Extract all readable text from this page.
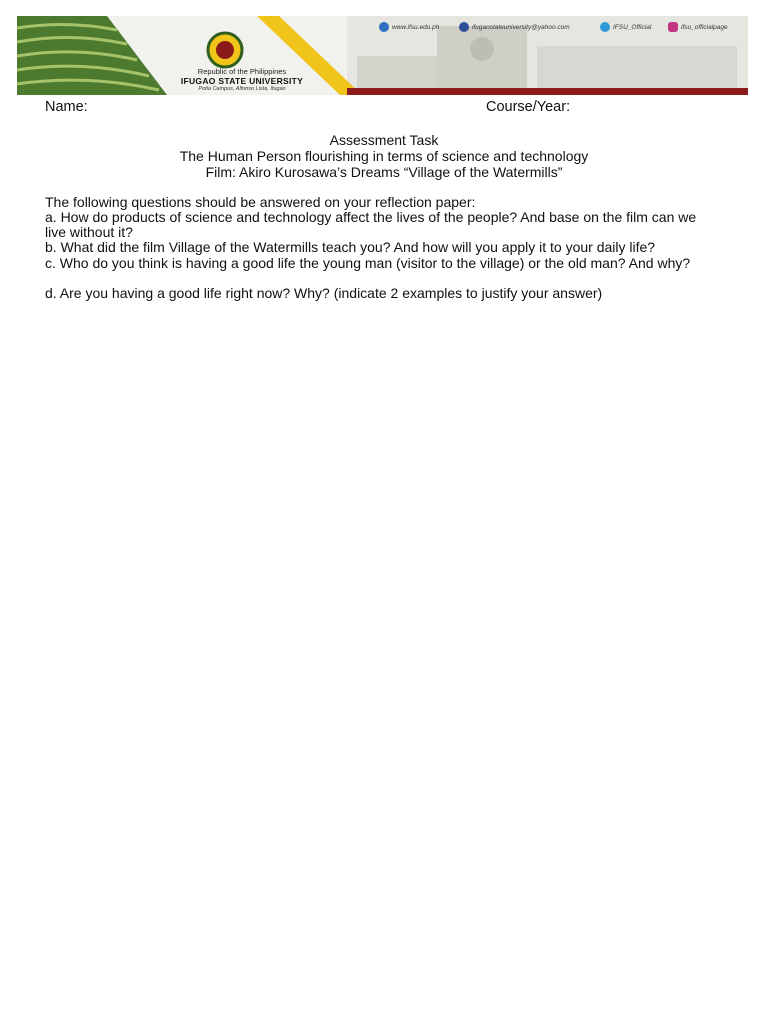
www.ifsu.edu.ph	ifugaostateuniversity@yahoo.com	IFSU_Official	ifsu_officialpage
Republic of the Philippines
IFUGAO STATE UNIVERSITY
Potia Campus, Alfonso Lista, Ifugao
Name:	Course/Year:
Assessment Task
The Human Person flourishing in terms of science and technology
Film: Akiro Kurosawa’s Dreams “Village of the Watermills”
The following questions should be answered on your reflection paper:
a. How do products of science and technology affect the lives of the people? And base on the film can we live without it?
b. What did the film Village of the Watermills teach you? And how will you apply it to your daily life?
c. Who do you think is having a good life the young man (visitor to the village) or the old man? And why?
d. Are you having a good life right now? Why? (indicate 2 examples to justify your answer)
